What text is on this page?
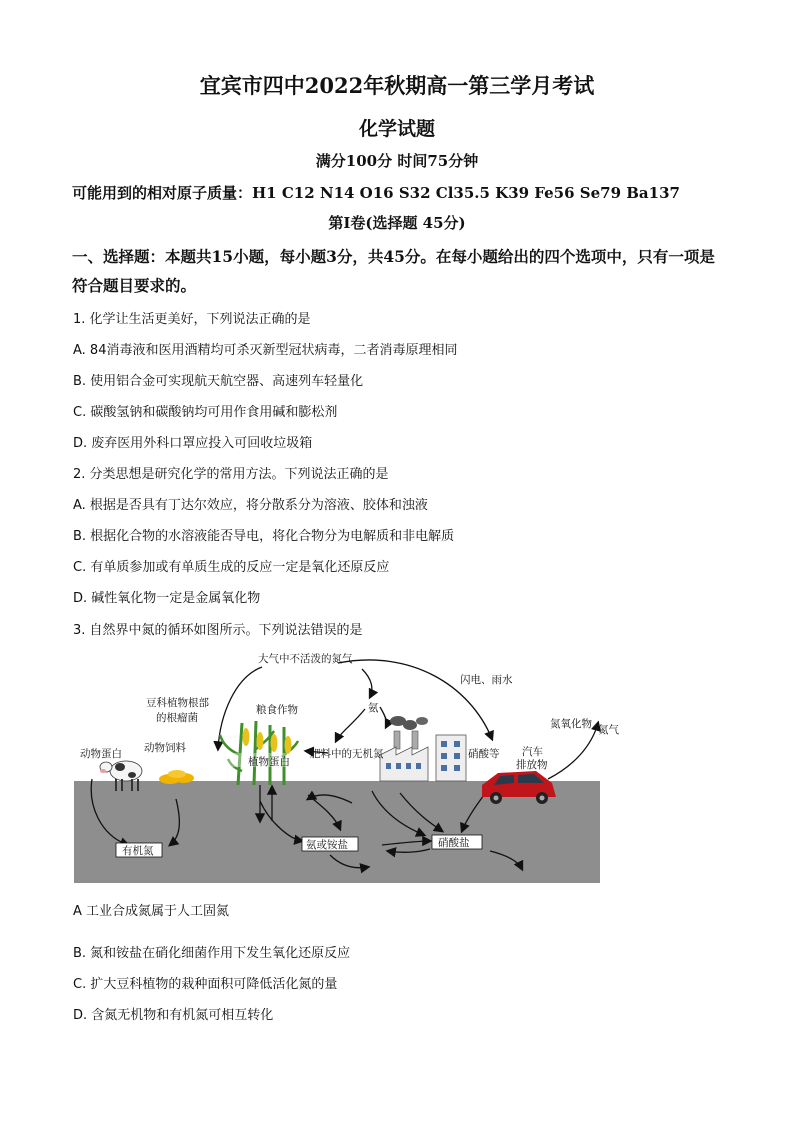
宜宾市四中2022年秋期高一第三学月考试
化学试题
满分100分 时间75分钟
可能用到的相对原子质量：H1 C12 N14 O16 S32 Cl35.5 K39 Fe56 Se79 Ba137
第I卷(选择题 45分)
一、选择题：本题共15小题，每小题3分，共45分。在每小题给出的四个选项中，只有一项是符合题目要求的。
1. 化学让生活更美好，下列说法正确的是
A. 84消毒液和医用酒精均可杀灭新型冠状病毒，二者消毒原理相同
B. 使用铝合金可实现航天航空器、高速列车轻量化
C. 碳酸氢钠和碳酸钠均可用作食用碱和膨松剂
D. 废弃医用外科口罩应投入可回收垃圾箱
2. 分类思想是研究化学的常用方法。下列说法正确的是
A. 根据是否具有丁达尔效应，将分散系分为溶液、胶体和浊液
B. 根据化合物的水溶液能否导电，将化合物分为电解质和非电解质
C. 有单质参加或有单质生成的反应一定是氧化还原反应
D. 碱性氧化物一定是金属氧化物
3. 自然界中氮的循环如图所示。下列说法错误的是
大气中不活泼的氮气
闪电、雨水
豆科植物根部
的根瘤菌
氨
粮食作物
氮氧化物 氮气
动物蛋白 动物饲料	肥料中的无机氮	硝酸等 汽车
排放物
植物蛋白
有机氮	氨或铵盐	硝酸盐
A 工业合成氮属于人工固氮
B. 氮和铵盐在硝化细菌作用下发生氧化还原反应
C. 扩大豆科植物的栽种面积可降低活化氮的量
D. 含氮无机物和有机氮可相互转化
